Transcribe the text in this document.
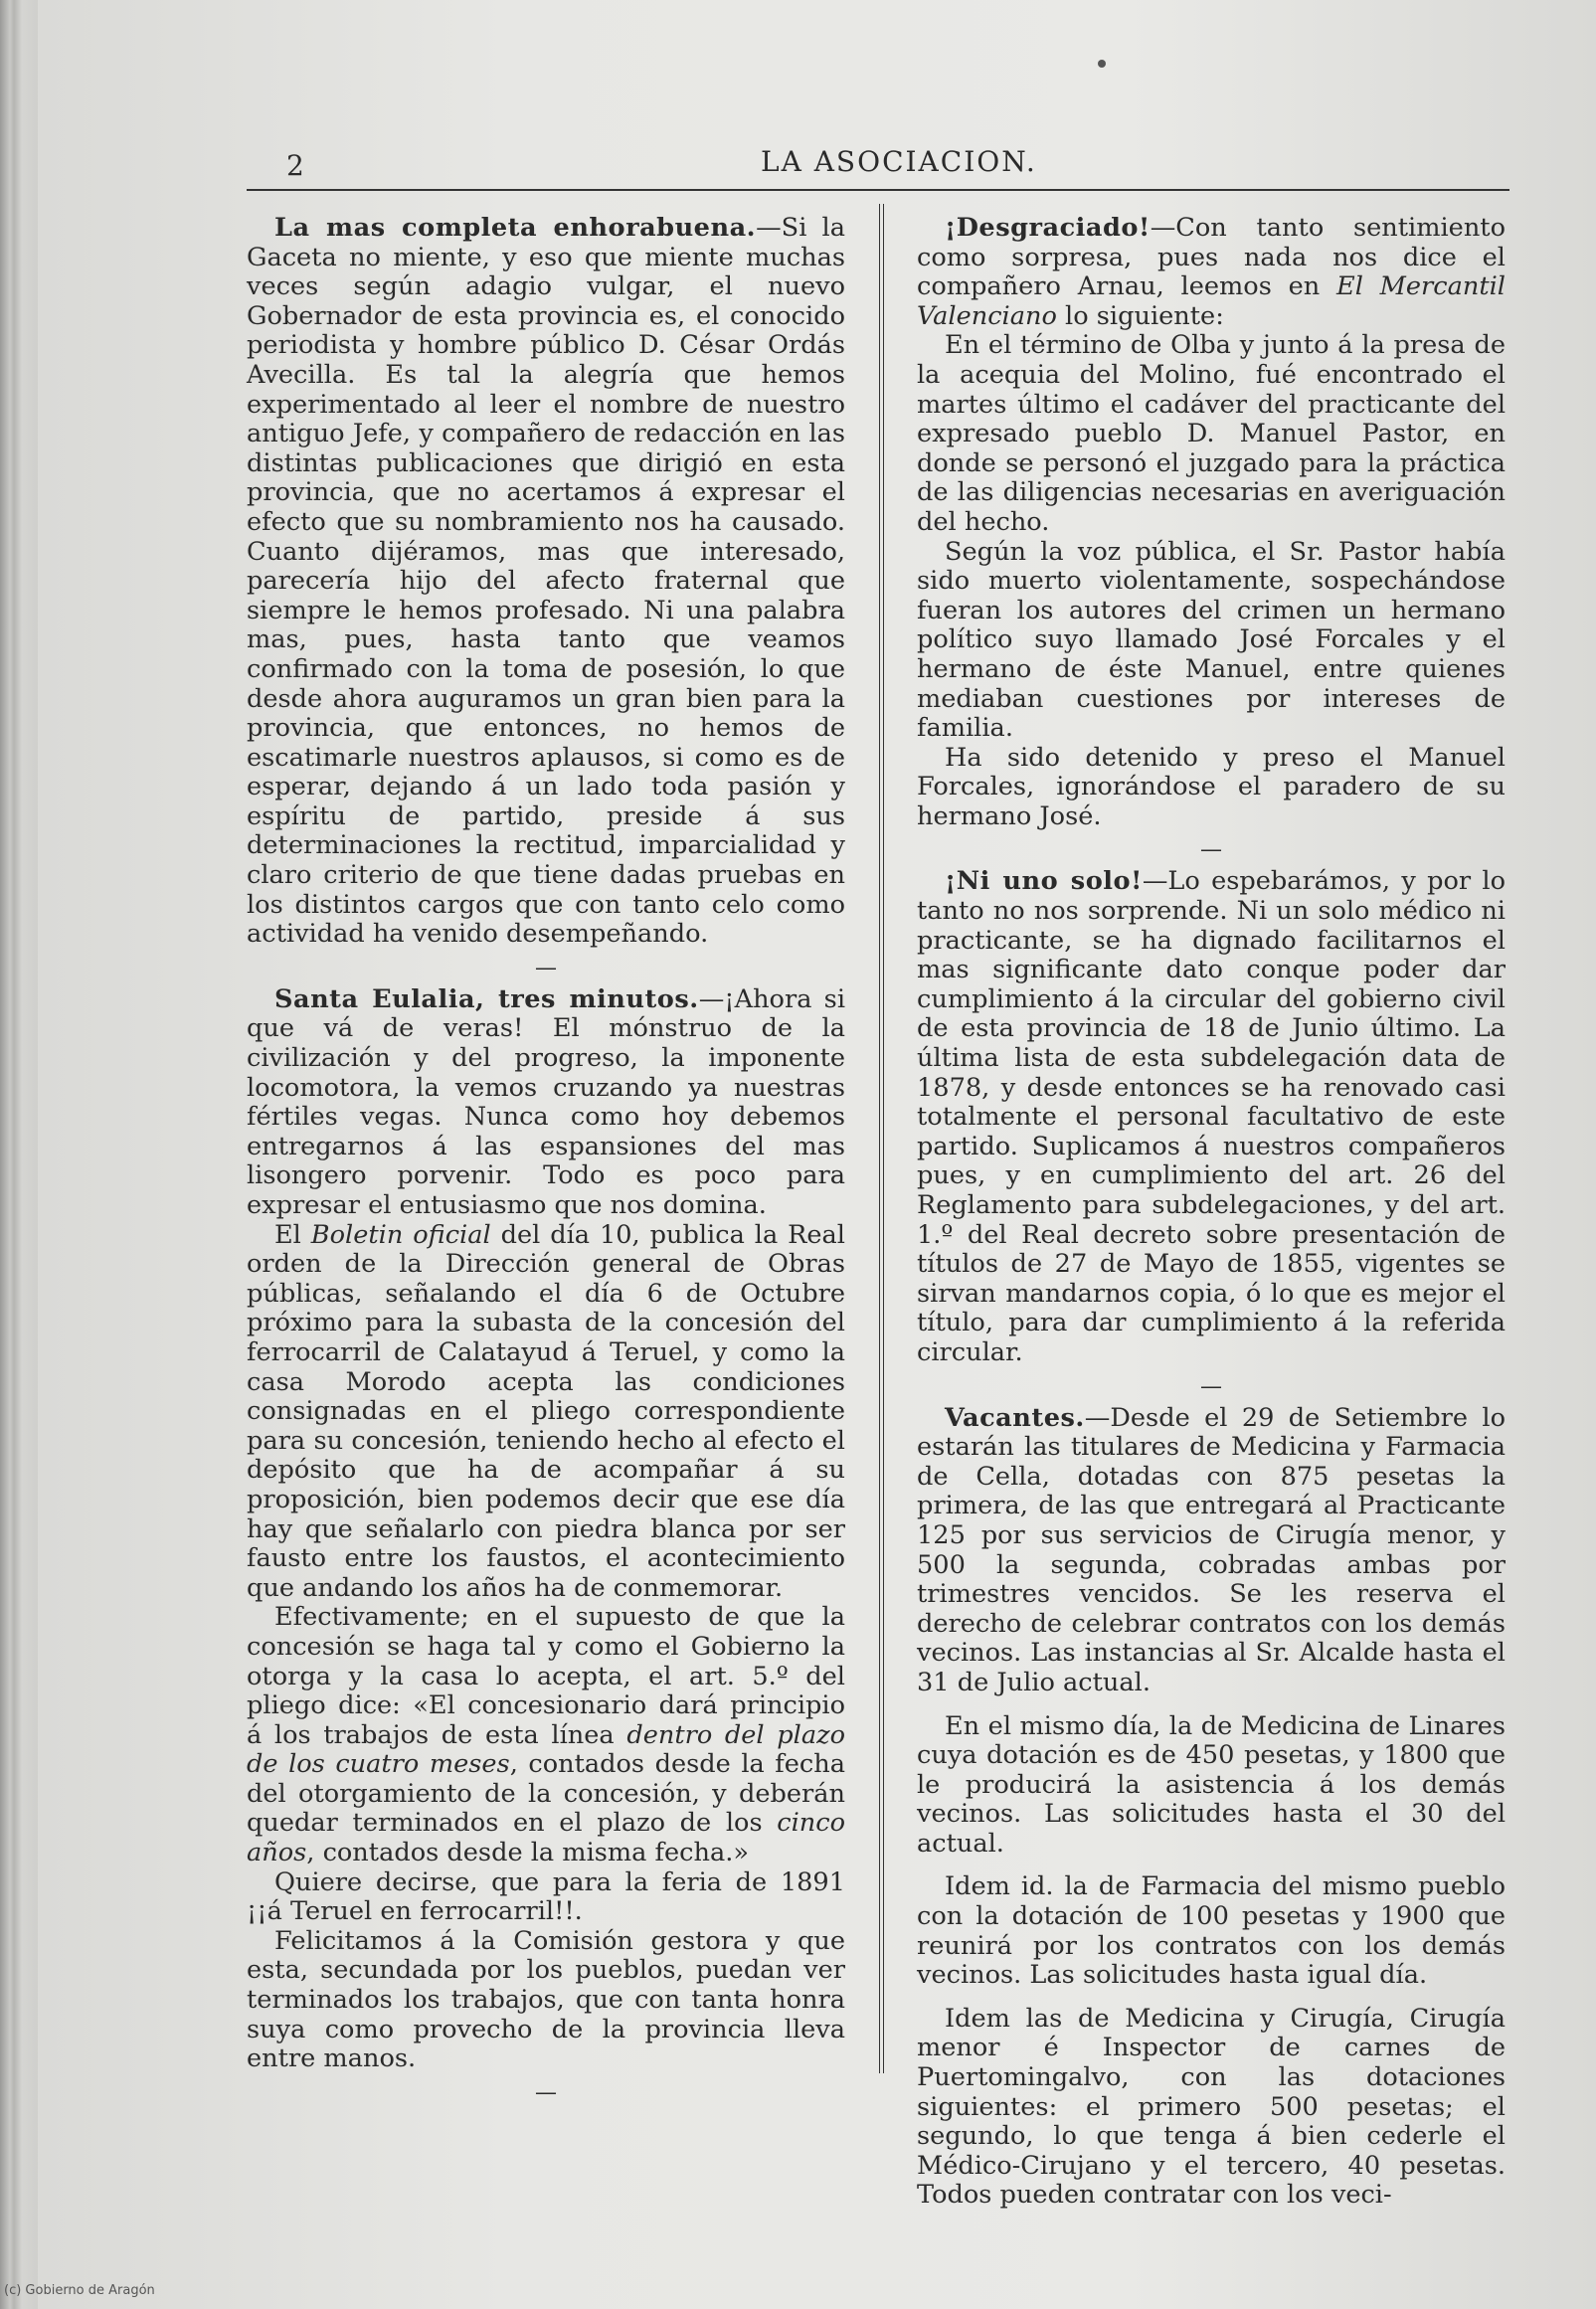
2	LA ASOCIACION.

La mas completa enhorabuena.—Si la Gaceta no miente, y eso que miente muchas veces según adagio vulgar, el nuevo Gobernador de esta provincia es, el conocido periodista y hombre público D. César Ordás Avecilla. Es tal la alegría que hemos experimentado al leer el nombre de nuestro antiguo Jefe, y compañero de redacción en las distintas publicaciones que dirigió en esta provincia, que no acertamos á expresar el efecto que su nombramiento nos ha causado. Cuanto dijéramos, mas que interesado, parecería hijo del afecto fraternal que siempre le hemos profesado. Ni una palabra mas, pues, hasta tanto que veamos confirmado con la toma de posesión, lo que desde ahora auguramos un gran bien para la provincia, que entonces, no hemos de escatimarle nuestros aplausos, si como es de esperar, dejando á un lado toda pasión y espíritu de partido, preside á sus determinaciones la rectitud, imparcialidad y claro criterio de que tiene dadas pruebas en los distintos cargos que con tanto celo como actividad ha venido desempeñando.

—

Santa Eulalia, tres minutos.—¡Ahora si que vá de veras! El mónstruo de la civilización y del progreso, la imponente locomotora, la vemos cruzando ya nuestras fértiles vegas. Nunca como hoy debemos entregarnos á las espansiones del mas lisongero porvenir. Todo es poco para expresar el entusiasmo que nos domina.

El Boletin oficial del día 10, publica la Real orden de la Dirección general de Obras públicas, señalando el día 6 de Octubre próximo para la subasta de la concesión del ferrocarril de Calatayud á Teruel, y como la casa Morodo acepta las condiciones consignadas en el pliego correspondiente para su concesión, teniendo hecho al efecto el depósito que ha de acompañar á su proposición, bien podemos decir que ese día hay que señalarlo con piedra blanca por ser fausto entre los faustos, el acontecimiento que andando los años ha de conmemorar.

Efectivamente; en el supuesto de que la concesión se haga tal y como el Gobierno la otorga y la casa lo acepta, el art. 5.º del pliego dice: «El concesionario dará principio á los trabajos de esta línea dentro del plazo de los cuatro meses, contados desde la fecha del otorgamiento de la concesión, y deberán quedar terminados en el plazo de los cinco años, contados desde la misma fecha.»

Quiere decirse, que para la feria de 1891 ¡¡á Teruel en ferrocarril!!.

Felicitamos á la Comisión gestora y que esta, secundada por los pueblos, puedan ver terminados los trabajos, que con tanta honra suya como provecho de la provincia lleva entre manos.

—

¡Desgraciado!—Con tanto sentimiento como sorpresa, pues nada nos dice el compañero Arnau, leemos en El Mercantil Valenciano lo siguiente:

En el término de Olba y junto á la presa de la acequia del Molino, fué encontrado el martes último el cadáver del practicante del expresado pueblo D. Manuel Pastor, en donde se personó el juzgado para la práctica de las diligencias necesarias en averiguación del hecho.

Según la voz pública, el Sr. Pastor había sido muerto violentamente, sospechándose fueran los autores del crimen un hermano político suyo llamado José Forcales y el hermano de éste Manuel, entre quienes mediaban cuestiones por intereses de familia.

Ha sido detenido y preso el Manuel Forcales, ignorándose el paradero de su hermano José.

—

¡Ni uno solo!—Lo espebarámos, y por lo tanto no nos sorprende. Ni un solo médico ni practicante, se ha dignado facilitarnos el mas significante dato conque poder dar cumplimiento á la circular del gobierno civil de esta provincia de 18 de Junio último. La última lista de esta subdelegación data de 1878, y desde entonces se ha renovado casi totalmente el personal facultativo de este partido. Suplicamos á nuestros compañeros pues, y en cumplimiento del art. 26 del Reglamento para subdelegaciones, y del art. 1.º del Real decreto sobre presentación de títulos de 27 de Mayo de 1855, vigentes se sirvan mandarnos copia, ó lo que es mejor el título, para dar cumplimiento á la referida circular.

—

Vacantes.—Desde el 29 de Setiembre lo estarán las titulares de Medicina y Farmacia de Cella, dotadas con 875 pesetas la primera, de las que entregará al Practicante 125 por sus servicios de Cirugía menor, y 500 la segunda, cobradas ambas por trimestres vencidos. Se les reserva el derecho de celebrar contratos con los demás vecinos. Las instancias al Sr. Alcalde hasta el 31 de Julio actual.

En el mismo día, la de Medicina de Linares cuya dotación es de 450 pesetas, y 1800 que le producirá la asistencia á los demás vecinos. Las solicitudes hasta el 30 del actual.

Idem id. la de Farmacia del mismo pueblo con la dotación de 100 pesetas y 1900 que reunirá por los contratos con los demás vecinos. Las solicitudes hasta igual día.

Idem las de Medicina y Cirugía, Cirugía menor é Inspector de carnes de Puertomingalvo, con las dotaciones siguientes: el primero 500 pesetas; el segundo, lo que tenga á bien cederle el Médico-Cirujano y el tercero, 40 pesetas. Todos pueden contratar con los veci-

(c) Gobierno de Aragón
